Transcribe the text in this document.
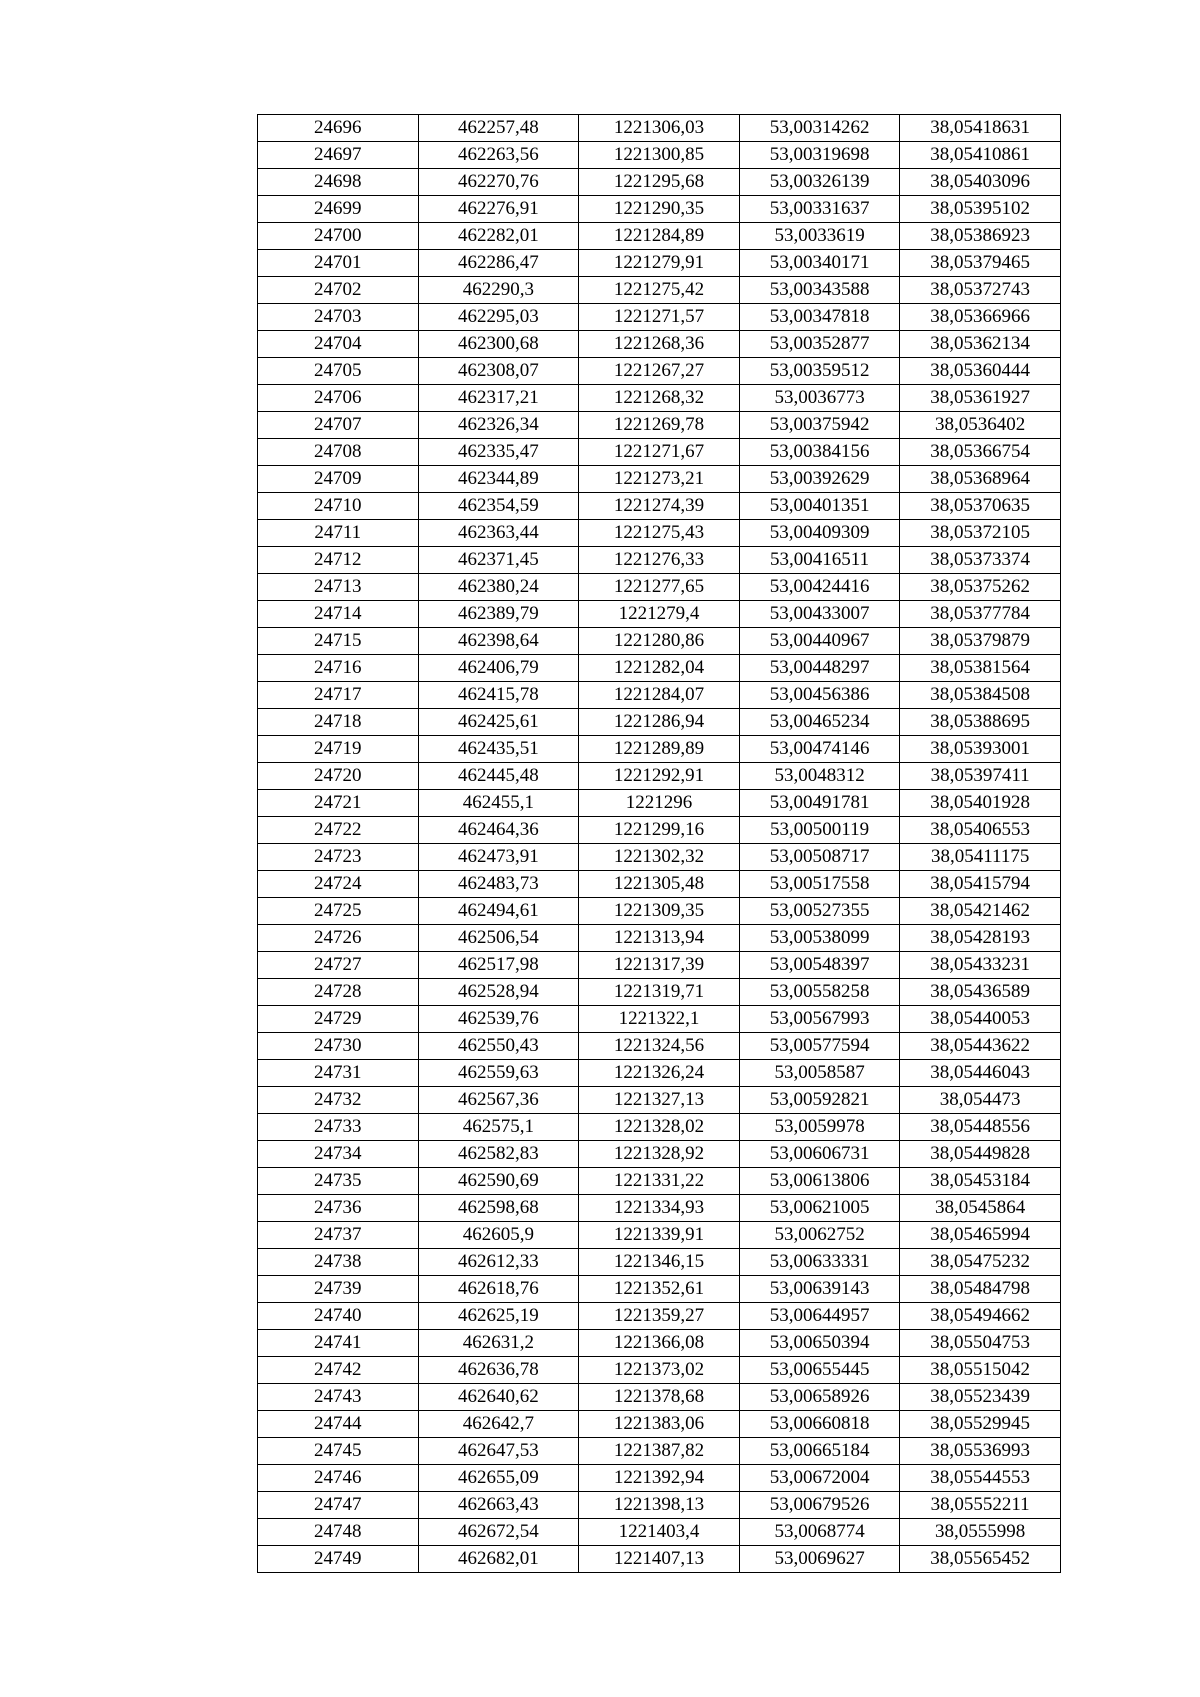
24696	462257,48	1221306,03	53,00314262	38,05418631
24697	462263,56	1221300,85	53,00319698	38,05410861
24698	462270,76	1221295,68	53,00326139	38,05403096
24699	462276,91	1221290,35	53,00331637	38,05395102
24700	462282,01	1221284,89	53,0033619	38,05386923
24701	462286,47	1221279,91	53,00340171	38,05379465
24702	462290,3	1221275,42	53,00343588	38,05372743
24703	462295,03	1221271,57	53,00347818	38,05366966
24704	462300,68	1221268,36	53,00352877	38,05362134
24705	462308,07	1221267,27	53,00359512	38,05360444
24706	462317,21	1221268,32	53,0036773	38,05361927
24707	462326,34	1221269,78	53,00375942	38,0536402
24708	462335,47	1221271,67	53,00384156	38,05366754
24709	462344,89	1221273,21	53,00392629	38,05368964
24710	462354,59	1221274,39	53,00401351	38,05370635
24711	462363,44	1221275,43	53,00409309	38,05372105
24712	462371,45	1221276,33	53,00416511	38,05373374
24713	462380,24	1221277,65	53,00424416	38,05375262
24714	462389,79	1221279,4	53,00433007	38,05377784
24715	462398,64	1221280,86	53,00440967	38,05379879
24716	462406,79	1221282,04	53,00448297	38,05381564
24717	462415,78	1221284,07	53,00456386	38,05384508
24718	462425,61	1221286,94	53,00465234	38,05388695
24719	462435,51	1221289,89	53,00474146	38,05393001
24720	462445,48	1221292,91	53,0048312	38,05397411
24721	462455,1	1221296	53,00491781	38,05401928
24722	462464,36	1221299,16	53,00500119	38,05406553
24723	462473,91	1221302,32	53,00508717	38,05411175
24724	462483,73	1221305,48	53,00517558	38,05415794
24725	462494,61	1221309,35	53,00527355	38,05421462
24726	462506,54	1221313,94	53,00538099	38,05428193
24727	462517,98	1221317,39	53,00548397	38,05433231
24728	462528,94	1221319,71	53,00558258	38,05436589
24729	462539,76	1221322,1	53,00567993	38,05440053
24730	462550,43	1221324,56	53,00577594	38,05443622
24731	462559,63	1221326,24	53,0058587	38,05446043
24732	462567,36	1221327,13	53,00592821	38,054473
24733	462575,1	1221328,02	53,0059978	38,05448556
24734	462582,83	1221328,92	53,00606731	38,05449828
24735	462590,69	1221331,22	53,00613806	38,05453184
24736	462598,68	1221334,93	53,00621005	38,0545864
24737	462605,9	1221339,91	53,0062752	38,05465994
24738	462612,33	1221346,15	53,00633331	38,05475232
24739	462618,76	1221352,61	53,00639143	38,05484798
24740	462625,19	1221359,27	53,00644957	38,05494662
24741	462631,2	1221366,08	53,00650394	38,05504753
24742	462636,78	1221373,02	53,00655445	38,05515042
24743	462640,62	1221378,68	53,00658926	38,05523439
24744	462642,7	1221383,06	53,00660818	38,05529945
24745	462647,53	1221387,82	53,00665184	38,05536993
24746	462655,09	1221392,94	53,00672004	38,05544553
24747	462663,43	1221398,13	53,00679526	38,05552211
24748	462672,54	1221403,4	53,0068774	38,0555998
24749	462682,01	1221407,13	53,0069627	38,05565452
